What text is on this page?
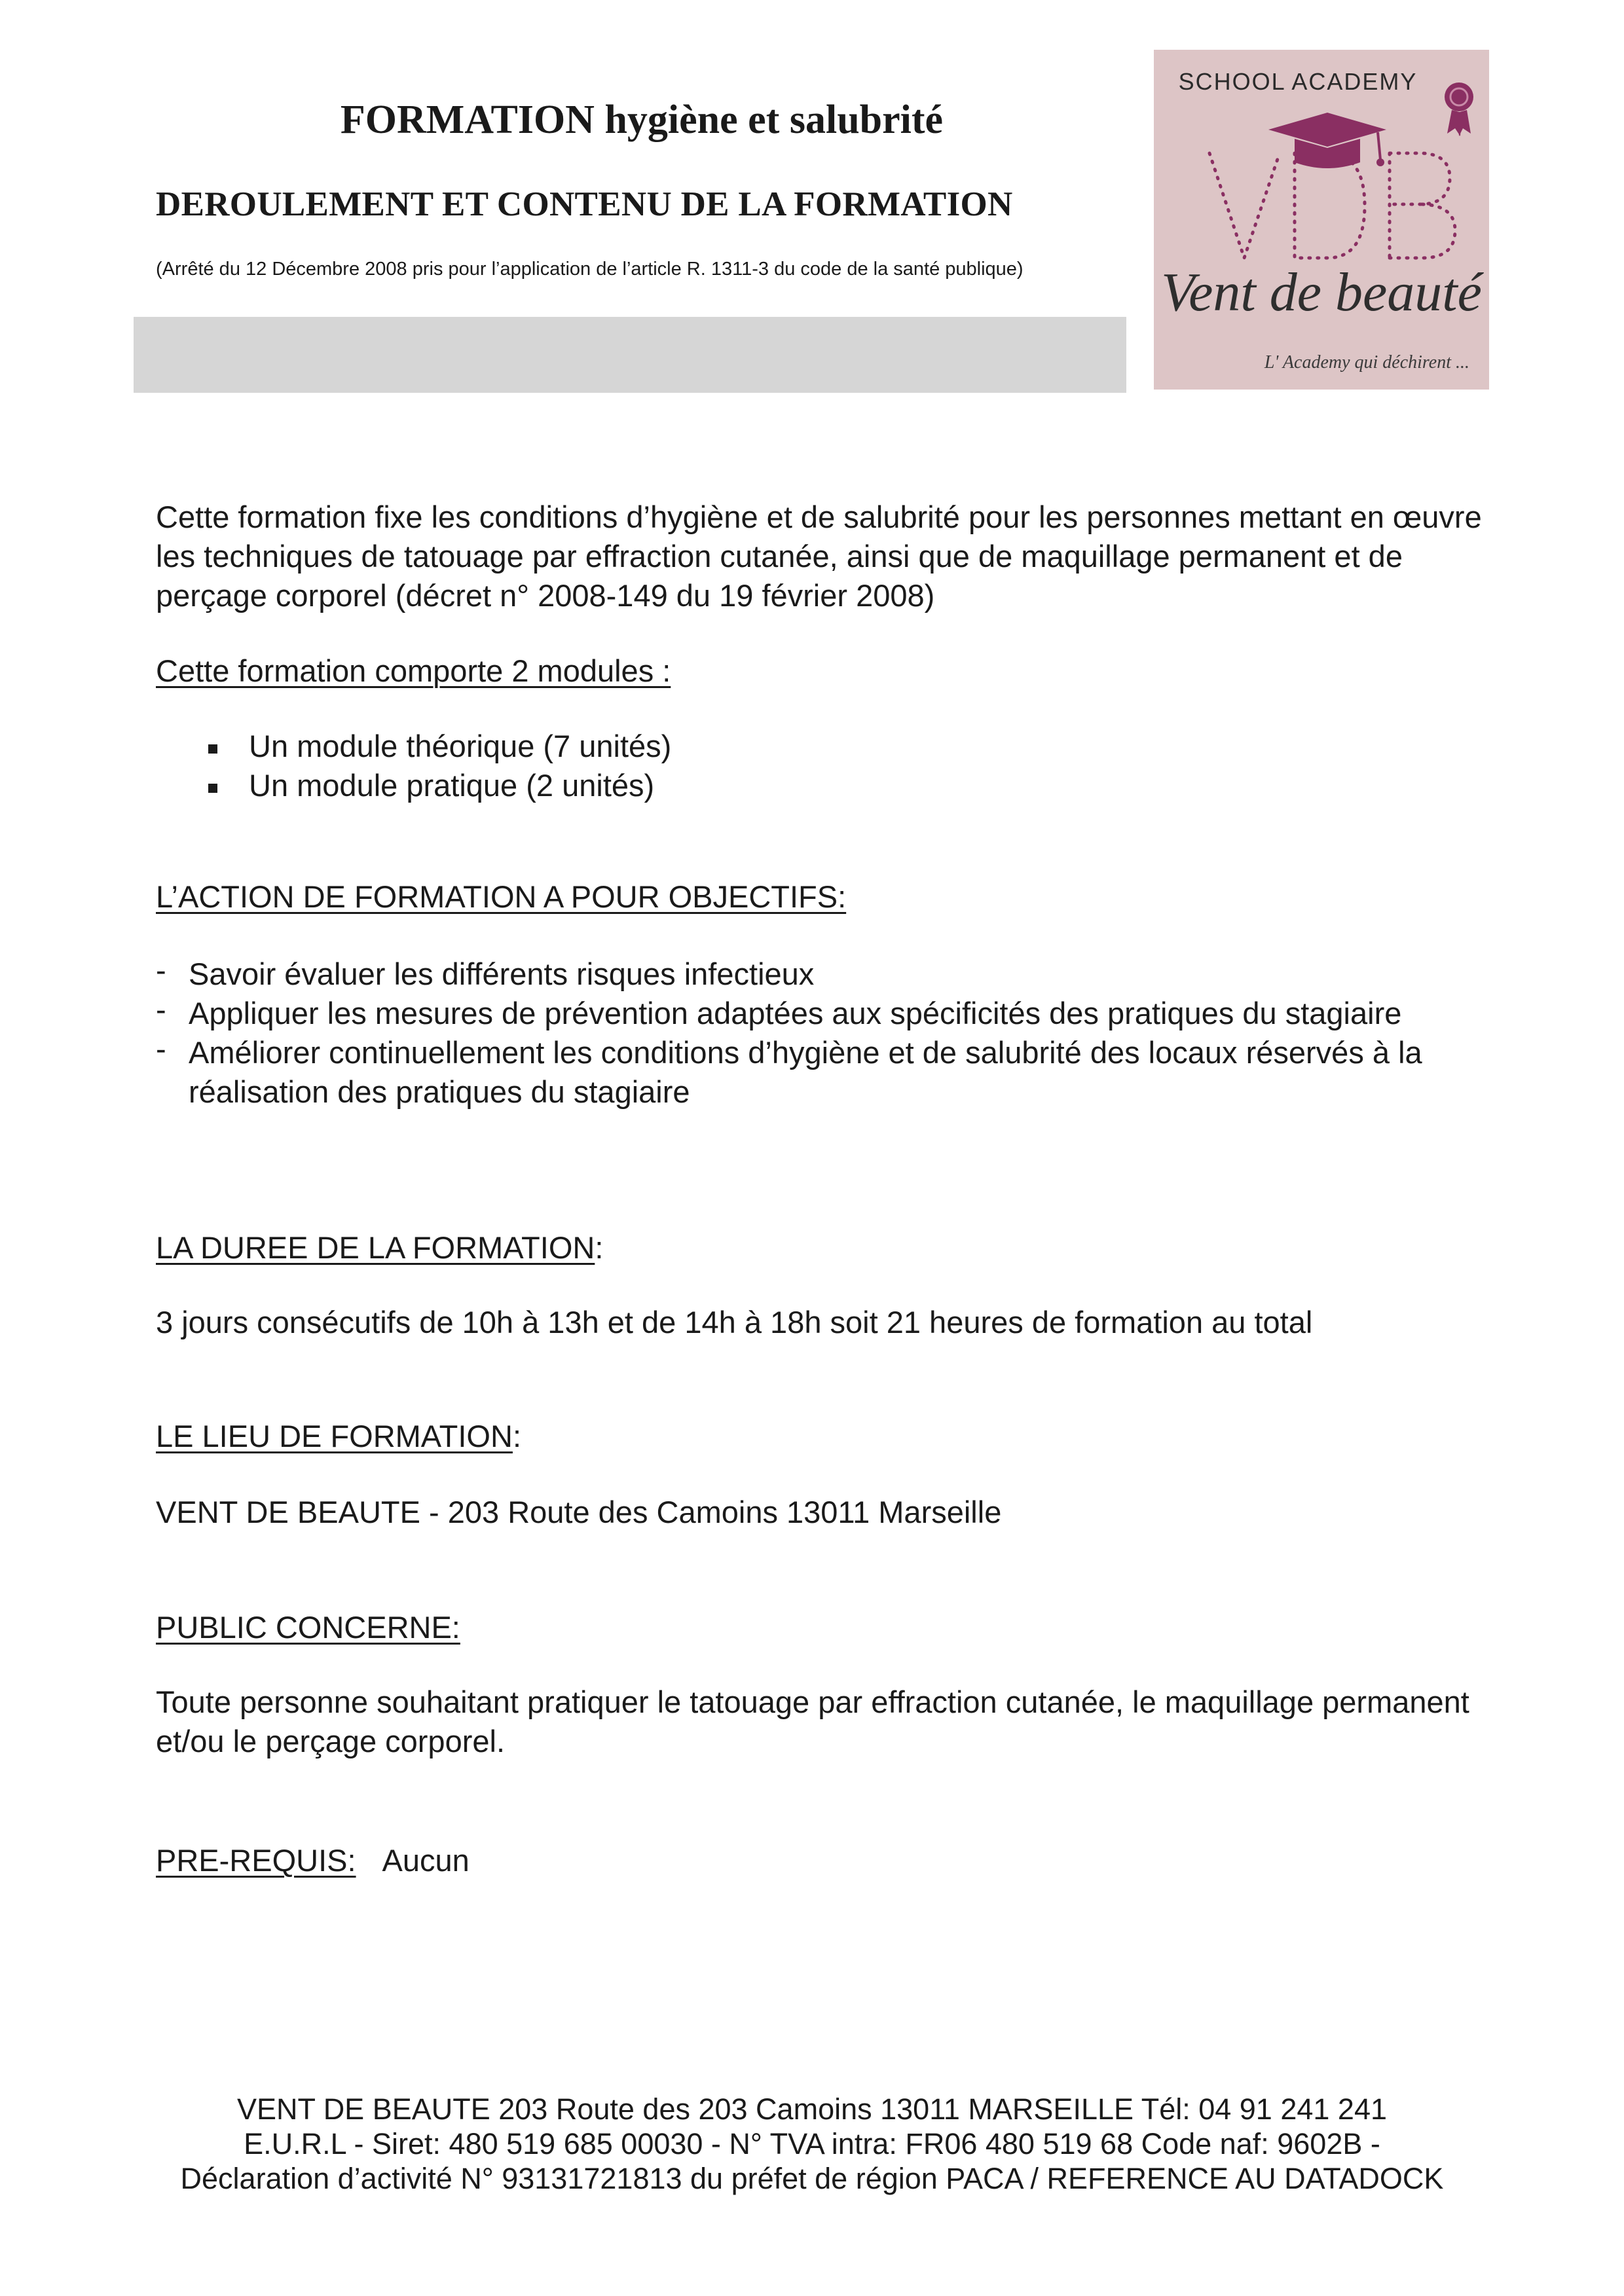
FORMATION hygiène et salubrité
DEROULEMENT ET CONTENU DE LA FORMATION

(Arrêté du 12 Décembre 2008 pris pour l’application de l’article R. 1311-3 du code de la santé publique)

SCHOOL ACADEMY
Vent de beauté
L' Academy qui déchirent ...

Cette formation fixe les conditions d’hygiène et de salubrité pour les personnes mettant en œuvre les techniques de tatouage par effraction cutanée, ainsi que de maquillage permanent et de perçage corporel (décret n° 2008-149 du 19 février 2008)

Cette formation comporte 2 modules :

Un module théorique (7 unités)
Un module pratique (2 unités)

L’ACTION DE FORMATION A POUR OBJECTIFS:

- Savoir évaluer les différents risques infectieux
- Appliquer les mesures de prévention adaptées aux spécificités des pratiques du stagiaire
- Améliorer continuellement les conditions d’hygiène et de salubrité des locaux réservés à la réalisation des pratiques du stagiaire

LA DUREE DE LA FORMATION:

3 jours consécutifs de 10h à 13h et de 14h à 18h soit 21 heures de formation au total

LE LIEU DE FORMATION:

VENT DE BEAUTE - 203 Route des Camoins 13011 Marseille

PUBLIC CONCERNE:

Toute personne souhaitant pratiquer le tatouage par effraction cutanée, le maquillage permanent et/ou le perçage corporel.

PRE-REQUIS: Aucun

VENT DE BEAUTE 203 Route des 203 Camoins 13011 MARSEILLE Tél: 04 91 241 241

E.U.R.L - Siret: 480 519 685 00030 - N° TVA intra: FR06 480 519 68 Code naf: 9602B -

Déclaration d’activité N° 93131721813 du préfet de région PACA / REFERENCE AU DATADOCK
